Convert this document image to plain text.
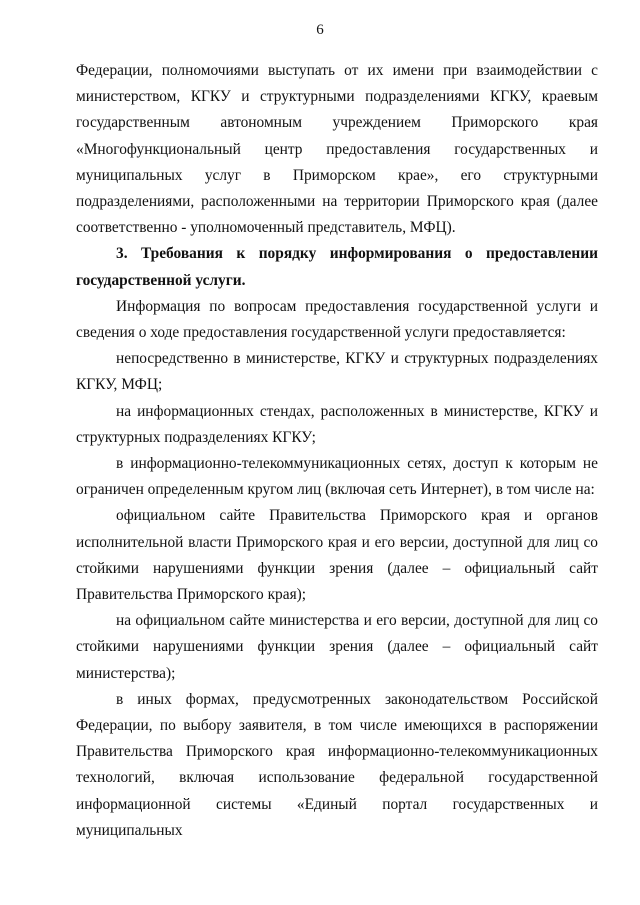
6

Федерации, полномочиями выступать от их имени при взаимодействии с министерством, КГКУ и структурными подразделениями КГКУ, краевым государственным автономным учреждением Приморского края «Многофункциональный центр предоставления государственных и муниципальных услуг в Приморском крае», его структурными подразделениями, расположенными на территории Приморского края (далее соответственно - уполномоченный представитель, МФЦ).

3. Требования к порядку информирования о предоставлении государственной услуги.

Информация по вопросам предоставления государственной услуги и сведения о ходе предоставления государственной услуги предоставляется:

непосредственно в министерстве, КГКУ и структурных подразделениях КГКУ, МФЦ;

на информационных стендах, расположенных в министерстве, КГКУ и структурных подразделениях КГКУ;

в информационно-телекоммуникационных сетях, доступ к которым не ограничен определенным кругом лиц (включая сеть Интернет), в том числе на:

официальном сайте Правительства Приморского края и органов исполнительной власти Приморского края и его версии, доступной для лиц со стойкими нарушениями функции зрения (далее – официальный сайт Правительства Приморского края);

на официальном сайте министерства и его версии, доступной для лиц со стойкими нарушениями функции зрения (далее – официальный сайт министерства);

в иных формах, предусмотренных законодательством Российской Федерации, по выбору заявителя, в том числе имеющихся в распоряжении Правительства Приморского края информационно-телекоммуникационных технологий, включая использование федеральной государственной информационной системы «Единый портал государственных и муниципальных
